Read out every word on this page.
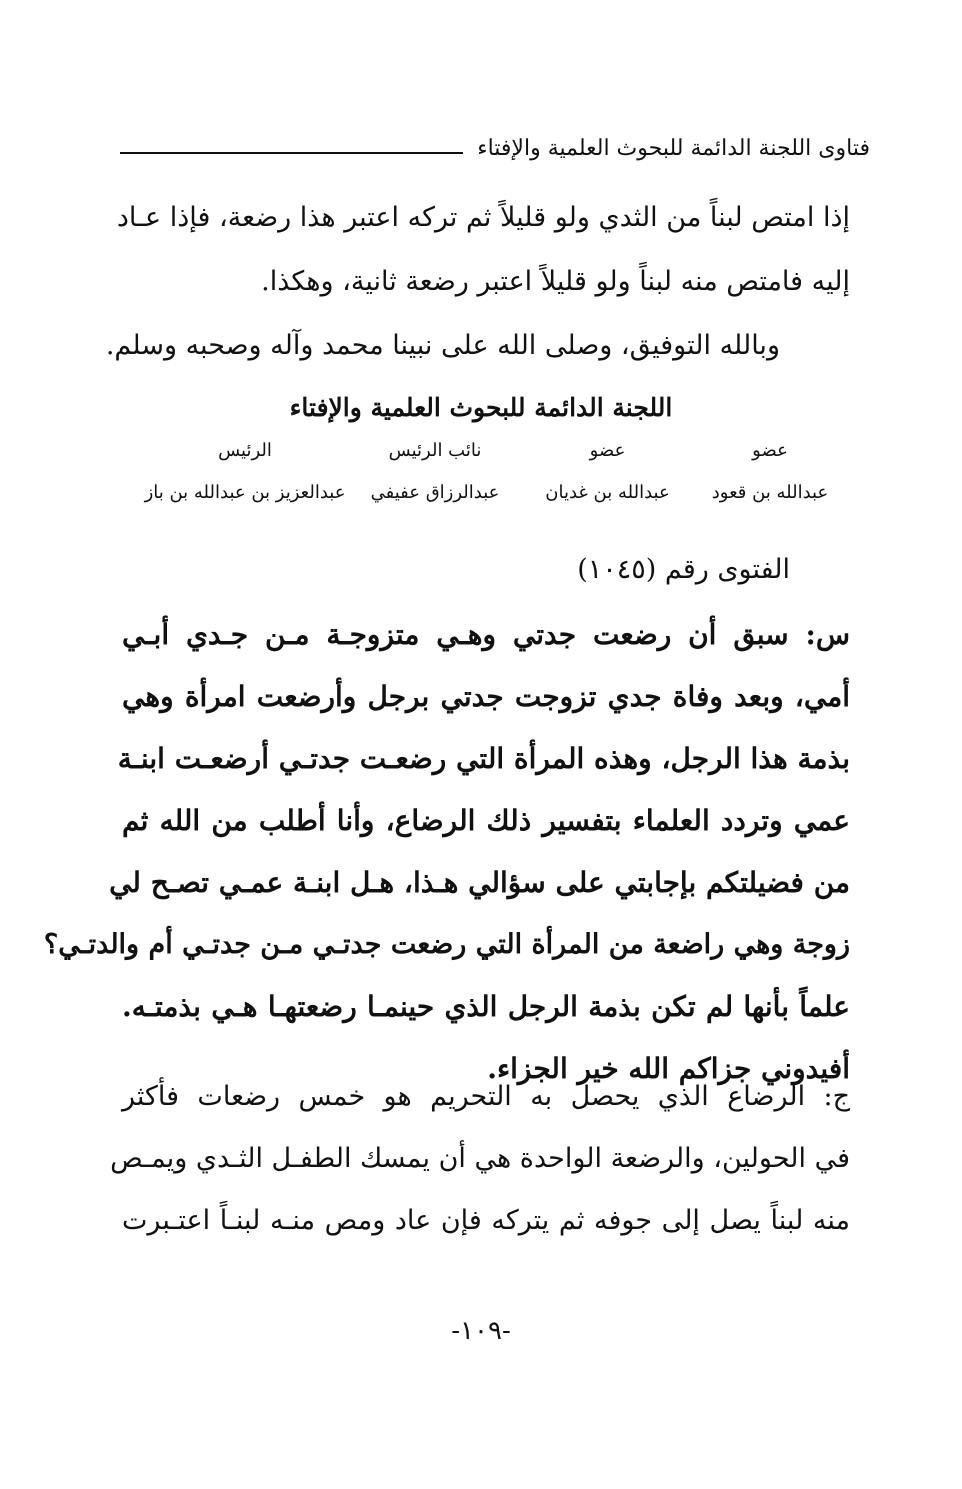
فتاوى اللجنة الدائمة للبحوث العلمية والإفتاء
إذا امتص لبناً من الثدي ولو قليلاً ثم تركه اعتبر هذا رضعة، فإذا عـاد
إليه فامتص منه لبناً ولو قليلاً اعتبر رضعة ثانية، وهكذا.
وبالله التوفيق، وصلى الله على نبينا محمد وآله وصحبه وسلم.
اللجنة الدائمة للبحوث العلمية والإفتاء
عضو
عضو
نائب الرئيس
الرئيس
عبدالله بن قعود
عبدالله بن غديان
عبدالرزاق عفيفي
عبدالعزيز بن عبدالله بن باز
الفتوى رقم (١٠٤٥)
س: سبق أن رضعت جدتي وهـي متزوجـة مـن جـدي أبـي
أمي، وبعد وفاة جدي تزوجت جدتي برجل وأرضعت امرأة وهي
بذمة هذا الرجل، وهذه المرأة التي رضعـت جدتـي أرضعـت ابنـة
عمي وتردد العلماء بتفسير ذلك الرضاع، وأنا أطلب من الله ثم
من فضيلتكم بإجابتي على سؤالي هـذا، هـل ابنـة عمـي تصـح لي
زوجة وهي راضعة من المرأة التي رضعت جدتـي مـن جدتـي أم والدتـي؟
علماً بأنها لم تكن بذمة الرجل الذي حينمـا رضعتهـا هـي بذمتـه.
أفيدوني جزاكم الله خير الجزاء.
ج: الرضاع الذي يحصل به التحريم هو خمس رضعات فأكثر
في الحولين، والرضعة الواحدة هي أن يمسك الطفـل الثـدي ويمـص
منه لبناً يصل إلى جوفه ثم يتركه فإن عاد ومص منـه لبنـاً اعتـبرت
-١٠٩-
